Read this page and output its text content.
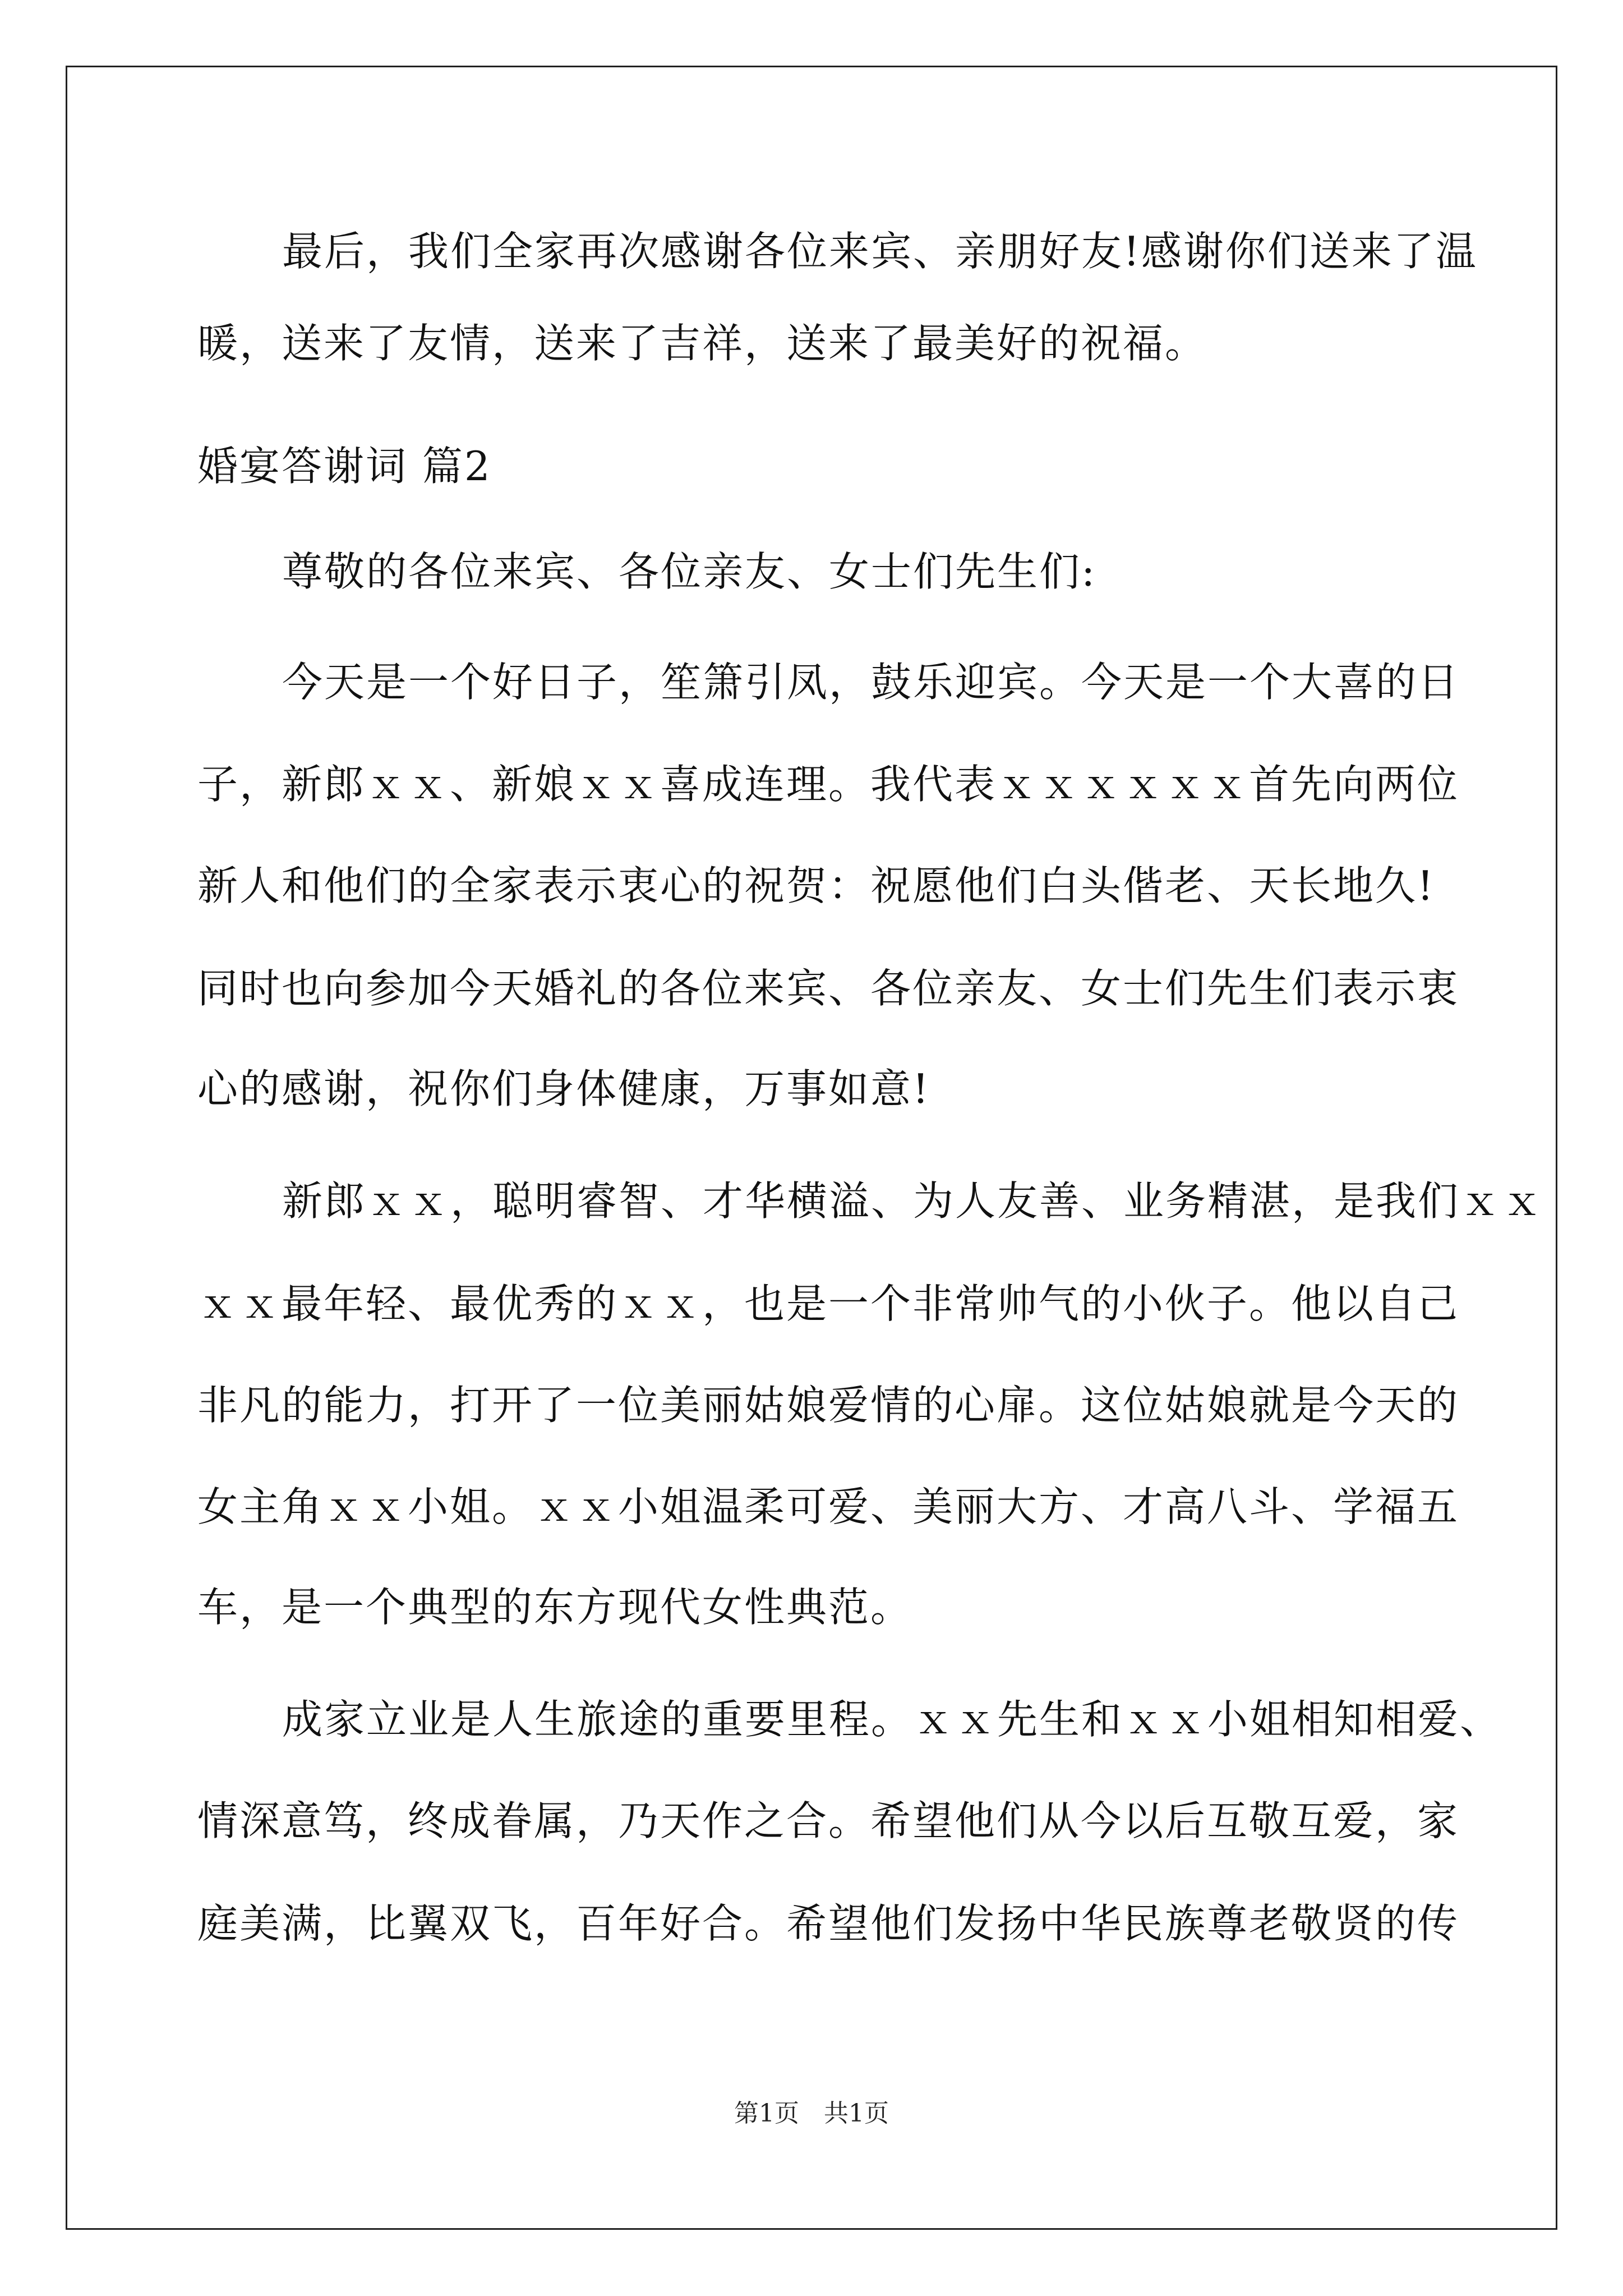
最后，我们全家再次感谢各位来宾、亲朋好友!感谢你们送来了温
暖，送来了友情，送来了吉祥，送来了最美好的祝福。
婚宴答谢词 篇2
尊敬的各位来宾、各位亲友、女士们先生们:
今天是一个好日子，笙箫引凤，鼓乐迎宾。今天是一个大喜的日
子，新郎ｘｘ、新娘ｘｘ喜成连理。我代表ｘｘｘｘｘｘ首先向两位
新人和他们的全家表示衷心的祝贺：祝愿他们白头偕老、天长地久!
同时也向参加今天婚礼的各位来宾、各位亲友、女士们先生们表示衷
心的感谢，祝你们身体健康，万事如意!
新郎ｘｘ，聪明睿智、才华横溢、为人友善、业务精湛，是我们ｘｘ
ｘｘ最年轻、最优秀的ｘｘ，也是一个非常帅气的小伙子。他以自己
非凡的能力，打开了一位美丽姑娘爱情的心扉。这位姑娘就是今天的
女主角ｘｘ小姐。ｘｘ小姐温柔可爱、美丽大方、才高八斗、学福五
车，是一个典型的东方现代女性典范。
成家立业是人生旅途的重要里程。ｘｘ先生和ｘｘ小姐相知相爱、
情深意笃，终成眷属，乃天作之合。希望他们从今以后互敬互爱，家
庭美满，比翼双飞，百年好合。希望他们发扬中华民族尊老敬贤的传
第1页　共1页
